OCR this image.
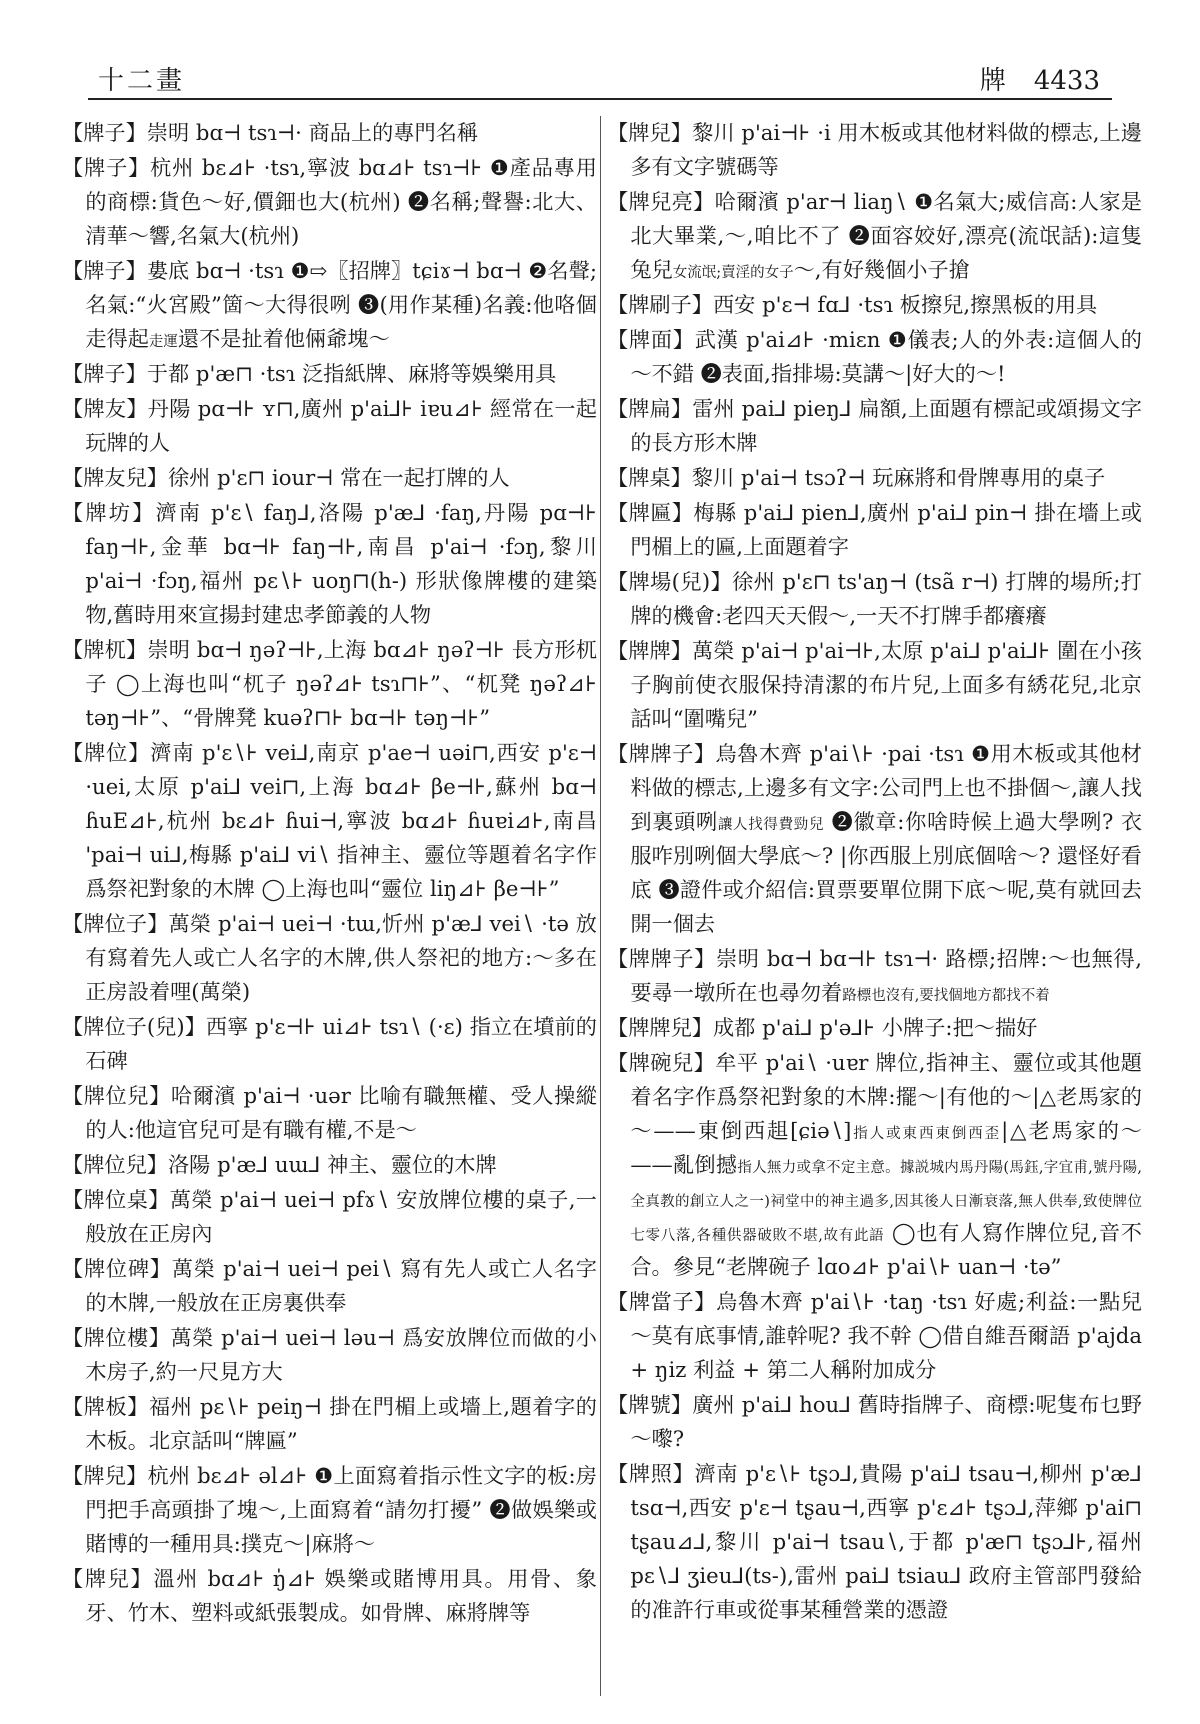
十二畫	牌 4433

【牌子】崇明 bɑ⊣ tsɿ⊣· 商品上的專門名稱

【牌子】杭州 bɛ⊿⊦ ·tsɿ,寧波 bɑ⊿⊦ tsɿ⊣⊦ ❶產品專用的商標:貨色～好,價鈿也大(杭州) ❷名稱;聲譽:北大、清華～響,名氣大(杭州)

【牌子】婁底 bɑ⊣ ·tsɿ ❶⇨〖招牌〗tɕiɤ⊣ bɑ⊣ ❷名聲;名氣:“火宮殿”箇～大得很咧 ❸(用作某種)名義:他咯個走得起走運還不是扯着他倆爺塊～

【牌子】于都 p'æ⊓ ·tsɿ 泛指紙牌、麻將等娛樂用具

【牌友】丹陽 pɑ⊣⊦ ʏ⊓,廣州 p'ai⅃⊦ iɐu⊿⊦ 經常在一起玩牌的人

【牌友兒】徐州 p'ɛ⊓ iour⊣ 常在一起打牌的人

【牌坊】濟南 p'ɛ∖ faŋ⅃,洛陽 p'æ⅃ ·faŋ,丹陽 pɑ⊣⊦ faŋ⊣⊦,金華 bɑ⊣⊦ faŋ⊣⊦,南昌 p'ai⊣ ·fɔŋ,黎川 p'ai⊣ ·fɔŋ,福州 pɛ∖⊦ uoŋ⊓(h-) 形狀像牌樓的建築物,舊時用來宣揚封建忠孝節義的人物

【牌杌】崇明 bɑ⊣ ŋəʔ⊣⊦,上海 bɑ⊿⊦ ŋəʔ⊣⊦ 長方形杌子 ◯上海也叫“杌子 ŋəʔ⊿⊦ tsɿ⊓⊦”、“杌凳 ŋəʔ⊿⊦ təŋ⊣⊦”、“骨牌凳 kuəʔ⊓⊦ bɑ⊣⊦ təŋ⊣⊦”

【牌位】濟南 p'ɛ∖⊦ vei⅃,南京 p'ae⊣ uəi⊓,西安 p'ɛ⊣ ·uei,太原 p'ai⅃ vei⊓,上海 bɑ⊿⊦ βe⊣⊦,蘇州 bɑ⊣ ɦuE⊿⊦,杭州 bɛ⊿⊦ ɦui⊣,寧波 bɑ⊿⊦ ɦuɐi⊿⊦,南昌 'pai⊣ ui⅃,梅縣 p'ai⅃ vi∖ 指神主、靈位等題着名字作爲祭祀對象的木牌 ◯上海也叫“靈位 liŋ⊿⊦ βe⊣⊦”

【牌位子】萬榮 p'ai⊣ uei⊣ ·tɯ,忻州 p'æ⅃ vei∖ ·tə 放有寫着先人或亡人名字的木牌,供人祭祀的地方:～多在正房設着哩(萬榮)

【牌位子(兒)】西寧 p'ɛ⊣⊦ ui⊿⊦ tsɿ∖ (·ɛ) 指立在墳前的石碑

【牌位兒】哈爾濱 p'ai⊣ ·uər 比喻有職無權、受人操縱的人:他這官兒可是有職有權,不是～

【牌位兒】洛陽 p'æ⅃ uɯ⅃ 神主、靈位的木牌

【牌位桌】萬榮 p'ai⊣ uei⊣ pfɤ∖ 安放牌位樓的桌子,一般放在正房內

【牌位碑】萬榮 p'ai⊣ uei⊣ pei∖ 寫有先人或亡人名字的木牌,一般放在正房裏供奉

【牌位樓】萬榮 p'ai⊣ uei⊣ ləu⊣ 爲安放牌位而做的小木房子,約一尺見方大

【牌板】福州 pɛ∖⊦ peiŋ⊣ 掛在門楣上或墻上,題着字的木板。北京話叫“牌匾”

【牌兒】杭州 bɛ⊿⊦ əl⊿⊦ ❶上面寫着指示性文字的板:房門把手高頭掛了塊～,上面寫着“請勿打擾” ❷做娛樂或賭博的一種用具:撲克～|麻將～

【牌兒】溫州 bɑ⊿⊦ ŋ̍⊿⊦ 娛樂或賭博用具。用骨、象牙、竹木、塑料或紙張製成。如骨牌、麻將牌等

【牌兒】黎川 p'ai⊣⊦ ·i 用木板或其他材料做的標志,上邊多有文字號碼等

【牌兒亮】哈爾濱 p'ar⊣ liaŋ∖ ❶名氣大;威信高:人家是北大畢業,～,咱比不了 ❷面容姣好,漂亮(流氓話):這隻兔兒女流氓;賣淫的女子～,有好幾個小子搶

【牌刷子】西安 p'ɛ⊣ fɑ⅃ ·tsɿ 板擦兒,擦黑板的用具

【牌面】武漢 p'ai⊿⊦ ·miɛn ❶儀表;人的外表:這個人的～不錯 ❷表面,指排場:莫講～|好大的～!

【牌扁】雷州 pai⅃ pieŋ⅃ 扁額,上面題有標記或頌揚文字的長方形木牌

【牌桌】黎川 p'ai⊣ tsɔʔ⊣ 玩麻將和骨牌專用的桌子

【牌匾】梅縣 p'ai⅃ pien⅃,廣州 p'ai⅃ pin⊣ 掛在墻上或門楣上的匾,上面題着字

【牌場(兒)】徐州 p'ɛ⊓ ts'aŋ⊣ (tsã r⊣) 打牌的場所;打牌的機會:老四天天假～,一天不打牌手都癢癢

【牌牌】萬榮 p'ai⊣ p'ai⊣⊦,太原 p'ai⅃ p'ai⅃⊦ 圍在小孩子胸前使衣服保持清潔的布片兒,上面多有綉花兒,北京話叫“圍嘴兒”

【牌牌子】烏魯木齊 p'ai∖⊦ ·pai ·tsɿ ❶用木板或其他材料做的標志,上邊多有文字:公司門上也不掛個～,讓人找到裏頭咧讓人找得費勁兒 ❷徽章:你啥時候上過大學咧? 衣服咋別咧個大學底～? |你西服上別底個啥～? 還怪好看底 ❸證件或介紹信:買票要單位開下底～呢,莫有就回去開一個去

【牌牌子】崇明 bɑ⊣ bɑ⊣⊦ tsɿ⊣· 路標;招牌:～也無得,要尋一墩所在也尋勿着路標也沒有,要找個地方都找不着

【牌牌兒】成都 p'ai⅃ p'ə⅃⊦ 小牌子:把～揣好

【牌碗兒】牟平 p'ai∖ ·uɐr 牌位,指神主、靈位或其他題着名字作爲祭祀對象的木牌:擺～|有他的～|△老馬家的～——東倒西趄[ɕiə∖]指人或東西東倒西歪|△老馬家的～——亂倒撼指人無力或拿不定主意。據説城内馬丹陽(馬鈺,字宜甫,號丹陽,全真教的創立人之一)祠堂中的神主過多,因其後人日漸衰落,無人供奉,致使牌位七零八落,各種供器破敗不堪,故有此語 ◯也有人寫作牌位兒,音不合。參見“老牌碗子 lɑo⊿⊦ p'ai∖⊦ uan⊣ ·tə”

【牌當子】烏魯木齊 p'ai∖⊦ ·taŋ ·tsɿ 好處;利益:一點兒～莫有底事情,誰幹呢? 我不幹 ◯借自維吾爾語 p'ajda + ŋiz 利益 + 第二人稱附加成分

【牌號】廣州 p'ai⅃ hou⅃ 舊時指牌子、商標:呢隻布乜野～嚟?

【牌照】濟南 p'ɛ∖⊦ tʂɔ⅃,貴陽 p'ai⅃ tsau⊣,柳州 p'æ⅃ tsɑ⊣,西安 p'ɛ⊣ tʂau⊣,西寧 p'ɛ⊿⊦ tʂɔ⅃,萍鄉 p'ai⊓ tʂau⊿⅃,黎川 p'ai⊣ tsau∖,于都 p'æ⊓ tʂɔ⅃⊦,福州 pɛ∖⅃ ʒieu⅃(ts-),雷州 pai⅃ tsiau⅃ 政府主管部門發給的准許行車或從事某種營業的憑證
